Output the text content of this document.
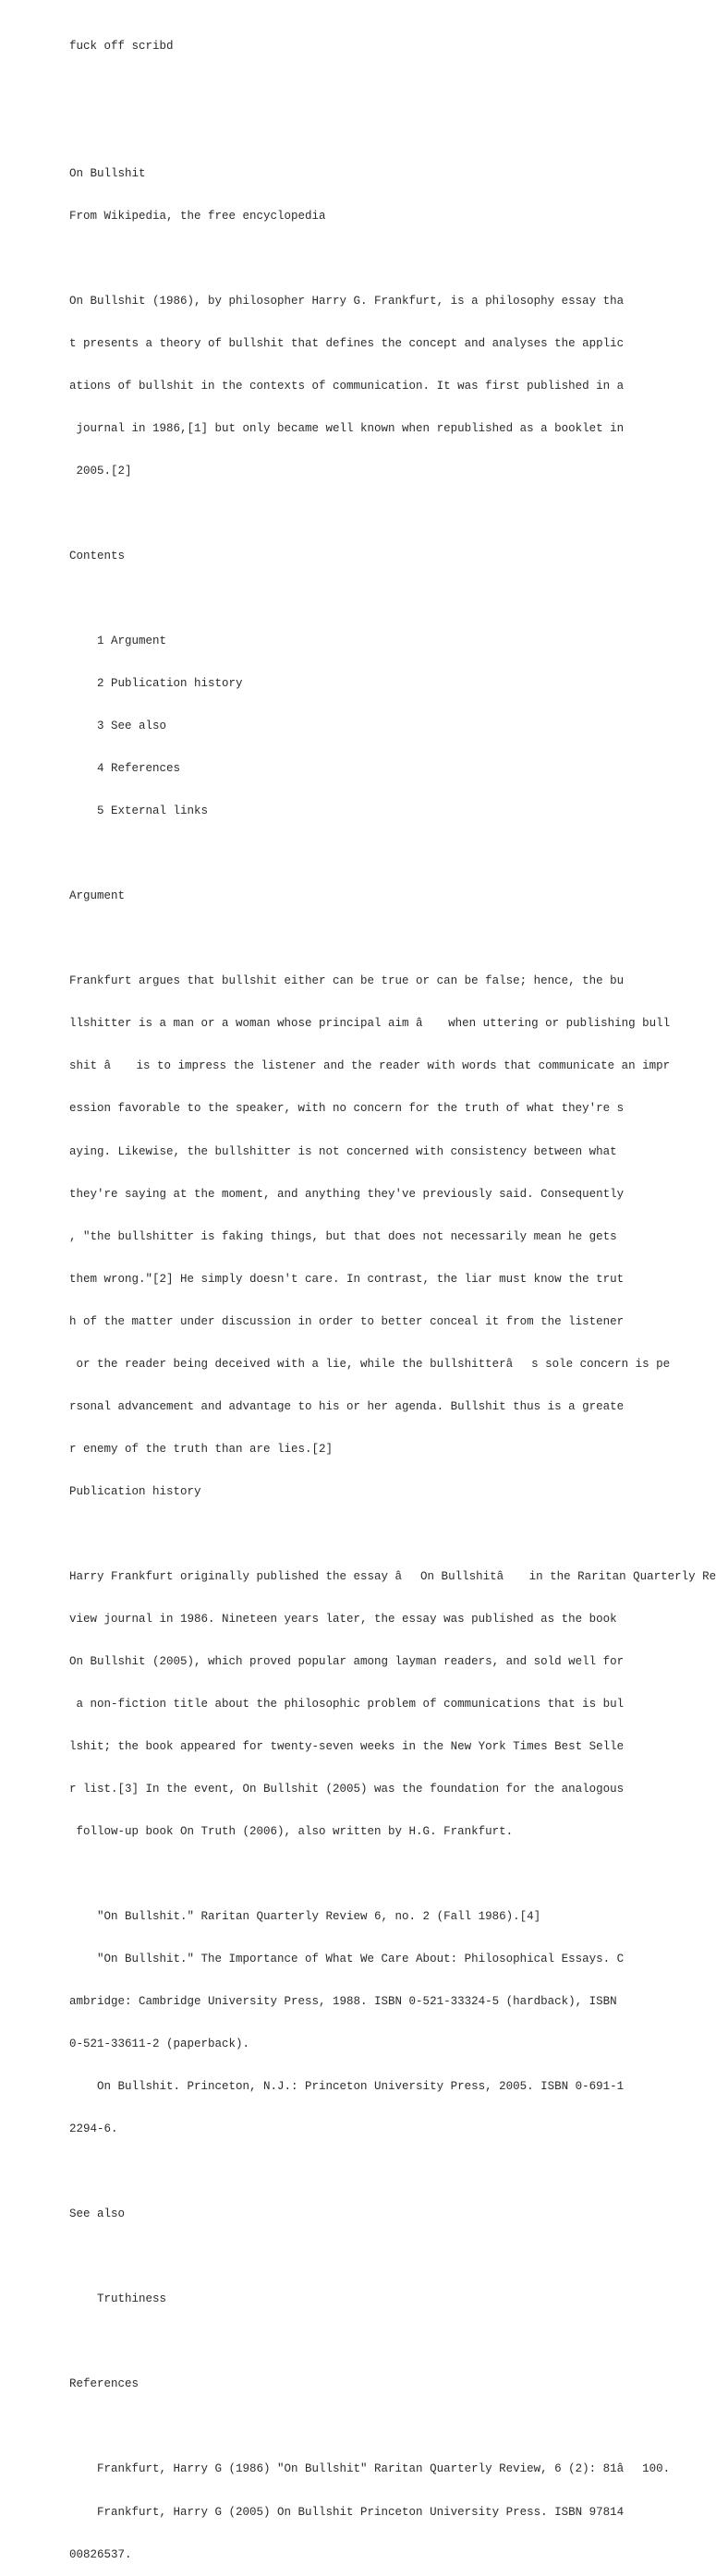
fuck off scribd

On Bullshit

From Wikipedia, the free encyclopedia

On Bullshit (1986), by philosopher Harry G. Frankfurt, is a philosophy essay tha

t presents a theory of bullshit that defines the concept and analyses the applic

ations of bullshit in the contexts of communication. It was first published in a

journal in 1986,[1] but only became well known when republished as a booklet in

2005.[2]

Contents

1 Argument

2 Publication history

3 See also

4 References

5 External links

Argument

Frankfurt argues that bullshit either can be true or can be false; hence, the bu

llshitter is a man or a woman whose principal aim â when uttering or publishing bull

shit â is to impress the listener and the reader with words that communicate an impr

ession favorable to the speaker, with no concern for the truth of what they're s

aying. Likewise, the bullshitter is not concerned with consistency between what

they're saying at the moment, and anything they've previously said. Consequently

, "the bullshitter is faking things, but that does not necessarily mean he gets

them wrong."[2] He simply doesn't care. In contrast, the liar must know the trut

h of the matter under discussion in order to better conceal it from the listener

or the reader being deceived with a lie, while the bullshitterâs sole concern is pe

rsonal advancement and advantage to his or her agenda. Bullshit thus is a greate

r enemy of the truth than are lies.[2]

Publication history

Harry Frankfurt originally published the essay âOn Bullshitâ in the Raritan Quarterly Re

view journal in 1986. Nineteen years later, the essay was published as the book

On Bullshit (2005), which proved popular among layman readers, and sold well for

a non-fiction title about the philosophic problem of communications that is bul

lshit; the book appeared for twenty-seven weeks in the New York Times Best Selle

r list.[3] In the event, On Bullshit (2005) was the foundation for the analogous

follow-up book On Truth (2006), also written by H.G. Frankfurt.

"On Bullshit." Raritan Quarterly Review 6, no. 2 (Fall 1986).[4]

"On Bullshit." The Importance of What We Care About: Philosophical Essays. C

ambridge: Cambridge University Press, 1988. ISBN 0-521-33324-5 (hardback), ISBN

0-521-33611-2 (paperback).

On Bullshit. Princeton, N.J.: Princeton University Press, 2005. ISBN 0-691-1

2294-6.

See also

Truthiness

References

Frankfurt, Harry G (1986) "On Bullshit" Raritan Quarterly Review, 6 (2): 81â100.

Frankfurt, Harry G (2005) On Bullshit Princeton University Press. ISBN 97814

00826537.
